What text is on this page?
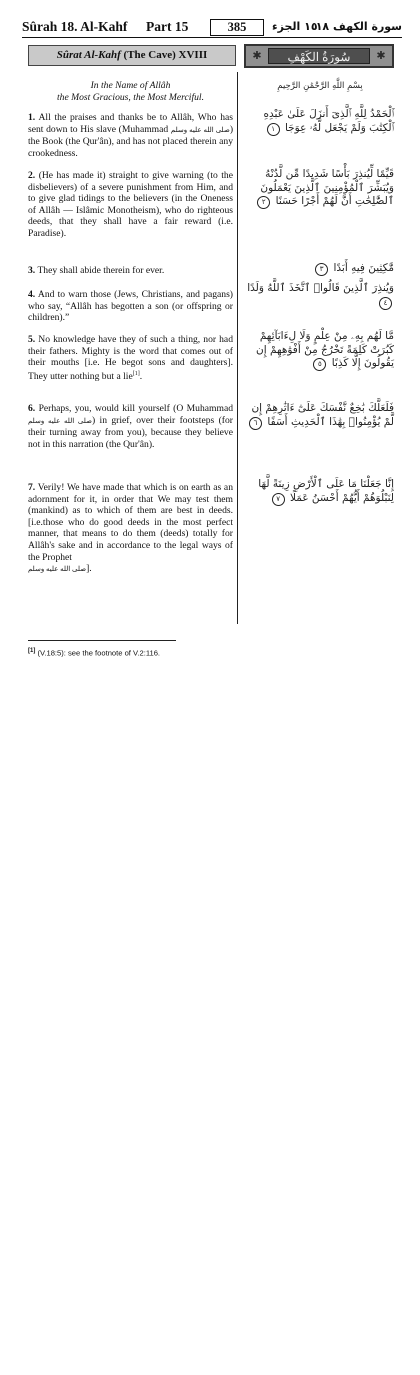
Sûrah 18. Al-Kahf Part 15	385	١٥ الجزء
سورة الكهف ١٨
Sûrat Al-Kahf (The Cave) XVIII	✱	سُورَةُ الكَهْفِ	✱
In the Name of Allâh
the Most Gracious, the Most Merciful.
بِسْمِ اللَّهِ الرَّحْمَٰنِ الرَّحِيمِ
1. All the praises and thanks be to Allâh, Who has sent down to His slave (Muhammad صلى الله عليه وسلم) the Book (the Qur'ân), and has not placed therein any crookedness.
ٱلْحَمْدُ لِلَّهِ ٱلَّذِىٓ أَنزَلَ عَلَىٰ عَبْدِهِ ٱلْكِتَٰبَ وَلَمْ يَجْعَل لَّهُۥ عِوَجَا ١
2. (He has made it) straight to give warning (to the disbelievers) of a severe punishment from Him, and to give glad tidings to the believers (in the Oneness of Allâh — Islâmic Monotheism), who do righteous deeds, that they shall have a fair reward (i.e. Paradise).
قَيِّمًا لِّيُنذِرَ بَأْسًا شَدِيدًا مِّن لَّدُنْهُ وَيُبَشِّرَ ٱلْمُؤْمِنِينَ ٱلَّذِينَ يَعْمَلُونَ ٱلصَّٰلِحَٰتِ أَنَّ لَهُمْ أَجْرًا حَسَنًا ٢
3. They shall abide therein for ever.	مَّٰكِثِينَ فِيهِ أَبَدًا ٣
4. And to warn those (Jews, Christians, and pagans) who say, “Allâh has begotten a son (or offspring or children).”
وَيُنذِرَ ٱلَّذِينَ قَالُوا۟ ٱتَّخَذَ ٱللَّهُ وَلَدًا ٤
5. No knowledge have they of such a thing, nor had their fathers. Mighty is the word that comes out of their mouths [i.e. He begot sons and daughters]. They utter nothing but a lie[1].
مَّا لَهُم بِهِۦ مِنْ عِلْمٍ وَلَا لِءَابَآئِهِمْ كَبُرَتْ كَلِمَةً تَخْرُجُ مِنْ أَفْوَٰهِهِمْ إِن يَقُولُونَ إِلَّا كَذِبًا ٥
6. Perhaps, you, would kill yourself (O Muhammad صلى الله عليه وسلم) in grief, over their footsteps (for their turning away from you), because they believe not in this narration (the Qur'ân).
فَلَعَلَّكَ بَٰخِعٌ نَّفْسَكَ عَلَىٰٓ ءَاثَٰرِهِمْ إِن لَّمْ يُؤْمِنُوا۟ بِهَٰذَا ٱلْحَدِيثِ أَسَفًا ٦
7. Verily! We have made that which is on earth as an adornment for it, in order that We may test them (mankind) as to which of them are best in deeds. [i.e.those who do good deeds in the most perfect manner, that means to do them (deeds) totally for Allâh's sake and in accordance to the legal ways of the Prophet
صلى الله عليه وسلم].
إِنَّا جَعَلْنَا مَا عَلَى ٱلْأَرْضِ زِينَةً لَّهَا لِنَبْلُوَهُمْ أَيُّهُمْ أَحْسَنُ عَمَلًا ٧
[1] (V.18:5): see the footnote of V.2:116.
